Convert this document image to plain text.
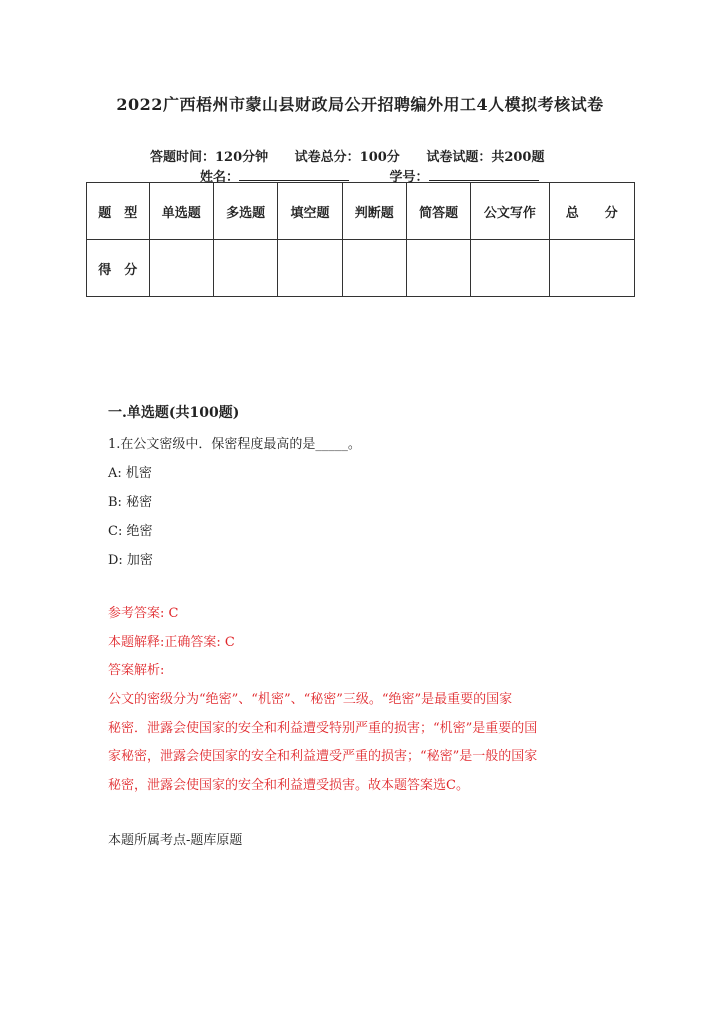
2022广西梧州市蒙山县财政局公开招聘编外用工4人模拟考核试卷
答题时间：120分钟 试卷总分：100分 试卷试题：共200题
姓名：	学号：
题　型	单选题	多选题	填空题	判断题	简答题	公文写作	总　　分
得　分							
一.单选题(共100题)
1.在公文密级中．保密程度最高的是_____。
A: 机密
B: 秘密
C: 绝密
D: 加密
参考答案: C
本题解释:正确答案: C
答案解析:
公文的密级分为“绝密”、“机密”、“秘密”三级。“绝密”是最重要的国家
秘密．泄露会使国家的安全和利益遭受特别严重的损害；“机密”是重要的国
家秘密，泄露会使国家的安全和利益遭受严重的损害；“秘密”是一般的国家
秘密，泄露会使国家的安全和利益遭受损害。故本题答案选C。
本题所属考点-题库原题
